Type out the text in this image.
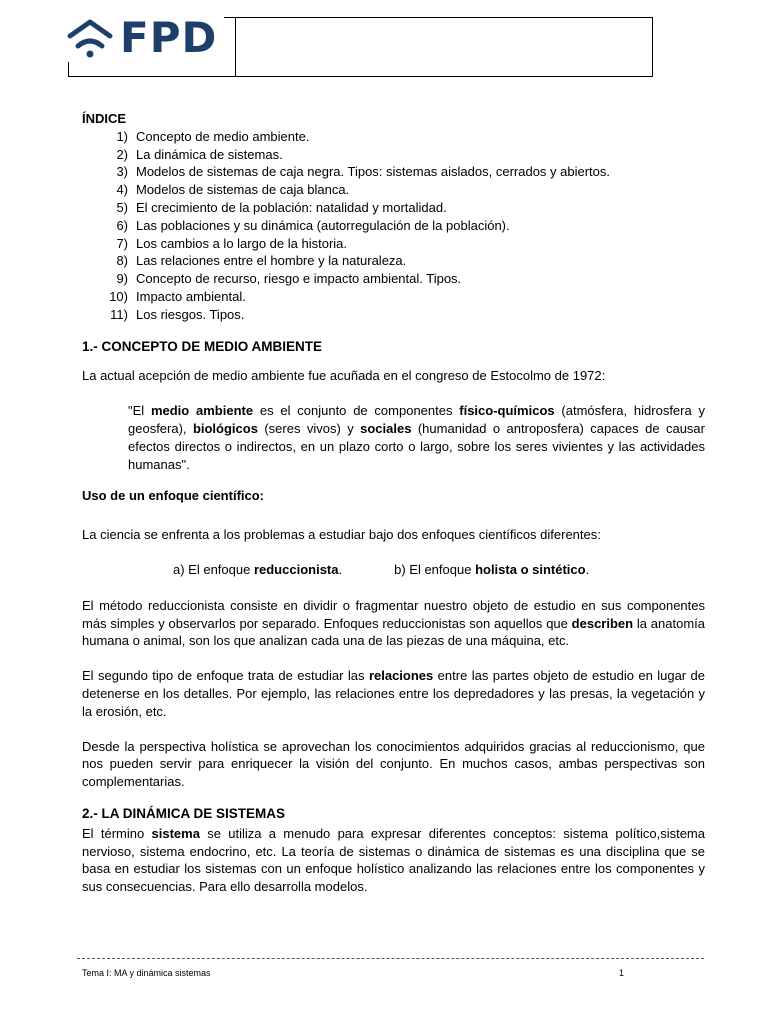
FPD

ÍNDICE

1) Concepto de medio ambiente.
2) La dinámica de sistemas.
3) Modelos de sistemas de caja negra. Tipos: sistemas aislados, cerrados y abiertos.
4) Modelos de sistemas de caja blanca.
5) El crecimiento de la población: natalidad y mortalidad.
6) Las poblaciones y su dinámica (autorregulación de la población).
7) Los cambios a lo largo de la historia.
8) Las relaciones entre el hombre y la naturaleza.
9) Concepto de recurso, riesgo e impacto ambiental. Tipos.
10) Impacto ambiental.
11) Los riesgos. Tipos.

1.- CONCEPTO DE MEDIO AMBIENTE

La actual acepción de medio ambiente fue acuñada en el congreso de Estocolmo de 1972:

"El medio ambiente es el conjunto de componentes físico-químicos (atmósfera, hidrosfera y geosfera), biológicos (seres vivos) y sociales (humanidad o antroposfera) capaces de causar efectos directos o indirectos, en un plazo corto o largo, sobre los seres vivientes y las actividades humanas".

Uso de un enfoque científico:

La ciencia se enfrenta a los problemas a estudiar bajo dos enfoques científicos diferentes:

a) El enfoque reduccionista.	b) El enfoque holista o sintético.

El método reduccionista consiste en dividir o fragmentar nuestro objeto de estudio en sus componentes más simples y observarlos por separado. Enfoques reduccionistas son aquellos que describen la anatomía humana o animal, son los que analizan cada una de las piezas de una máquina, etc.

El segundo tipo de enfoque trata de estudiar las relaciones entre las partes objeto de estudio en lugar de detenerse en los detalles. Por ejemplo, las relaciones entre los depredadores y las presas, la vegetación y la erosión, etc.

Desde la perspectiva holística se aprovechan los conocimientos adquiridos gracias al reduccionismo, que nos pueden servir para enriquecer la visión del conjunto. En muchos casos, ambas perspectivas son complementarias.

2.- LA DINÁMICA DE SISTEMAS

El término sistema se utiliza a menudo para expresar diferentes conceptos: sistema político,sistema nervioso, sistema endocrino, etc. La teoría de sistemas o dinámica de sistemas es una disciplina que se basa en estudiar los sistemas con un enfoque holístico analizando las relaciones entre los componentes y sus consecuencias. Para ello desarrolla modelos.

Tema I: MA y dinámica sistemas	1
